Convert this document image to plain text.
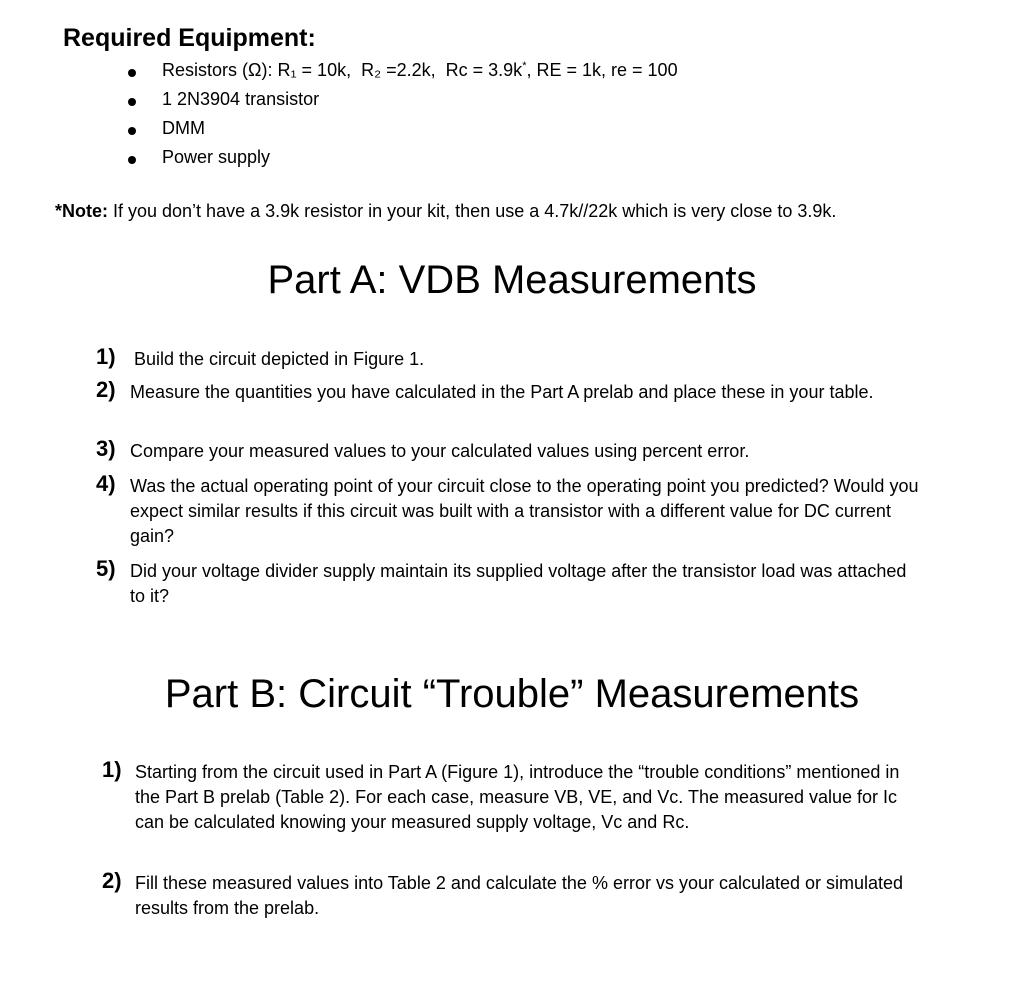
Required Equipment:
Resistors (Ω): R₁ = 10k, R₂ =2.2k, Rc = 3.9k*, RE = 1k, re = 100
1 2N3904 transistor
DMM
Power supply
*Note: If you don’t have a 3.9k resistor in your kit, then use a 4.7k//22k which is very close to 3.9k.
Part A: VDB Measurements
1) Build the circuit depicted in Figure 1.
2) Measure the quantities you have calculated in the Part A prelab and place these in your table.
3) Compare your measured values to your calculated values using percent error.
4) Was the actual operating point of your circuit close to the operating point you predicted? Would you expect similar results if this circuit was built with a transistor with a different value for DC current gain?
5) Did your voltage divider supply maintain its supplied voltage after the transistor load was attached to it?
Part B: Circuit “Trouble” Measurements
1) Starting from the circuit used in Part A (Figure 1), introduce the “trouble conditions” mentioned in the Part B prelab (Table 2). For each case, measure VB, VE, and Vc. The measured value for Ic can be calculated knowing your measured supply voltage, Vc and Rc.
2) Fill these measured values into Table 2 and calculate the % error vs your calculated or simulated results from the prelab.
